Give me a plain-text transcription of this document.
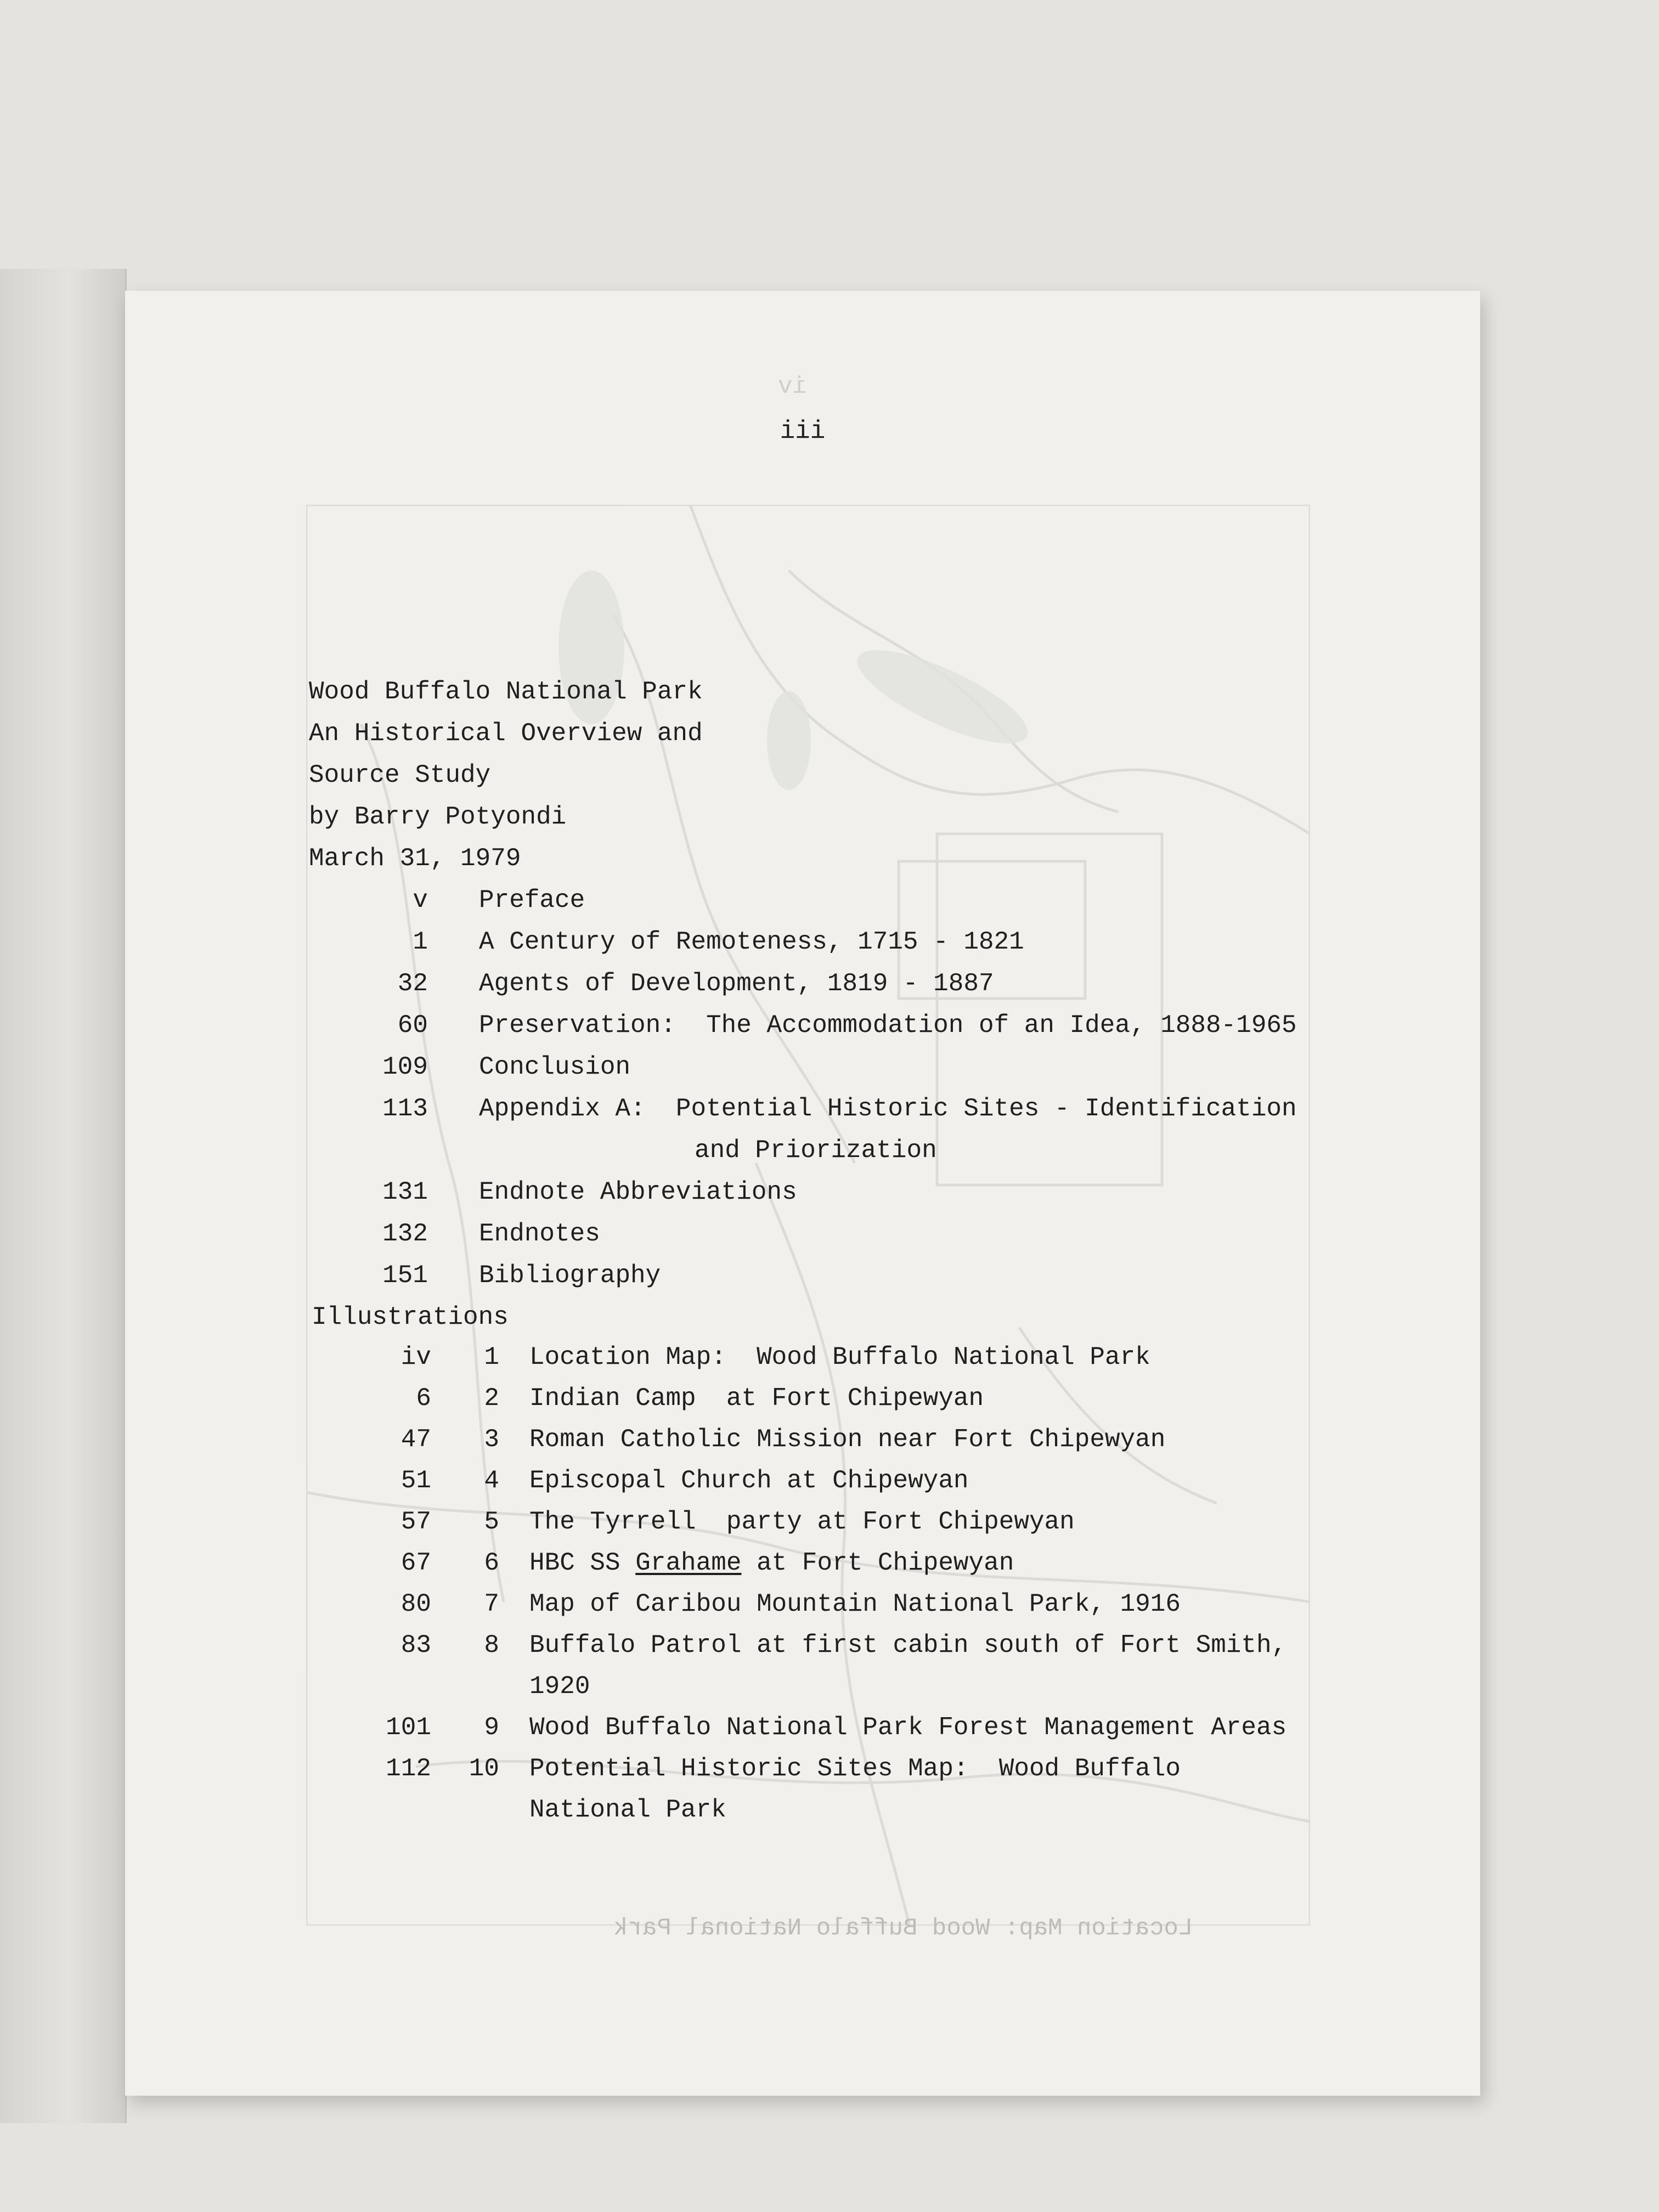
iv
Location Map: Wood Buffalo National Park
iii
Wood Buffalo National Park
An Historical Overview and
Source Study
by Barry Potyondi
March 31, 1979
v Preface
1 A Century of Remoteness, 1715 - 1821
32 Agents of Development, 1819 - 1887
60 Preservation:  The Accommodation of an Idea, 1888-1965
109 Conclusion
113 Appendix A:  Potential Historic Sites - Identification
and Priorization
131 Endnote Abbreviations
132 Endnotes
151 Bibliography
Illustrations
iv	1 Location Map:  Wood Buffalo National Park
6	2 Indian Camp  at Fort Chipewyan
47	3 Roman Catholic Mission near Fort Chipewyan
51	4 Episcopal Church at Chipewyan
57	5 The Tyrrell  party at Fort Chipewyan
67	6 HBC SS Grahame at Fort Chipewyan
80	7 Map of Caribou Mountain National Park, 1916
83	8 Buffalo Patrol at first cabin south of Fort Smith,
1920
101	9 Wood Buffalo National Park Forest Management Areas
112	10 Potential Historic Sites Map:  Wood Buffalo
National Park
